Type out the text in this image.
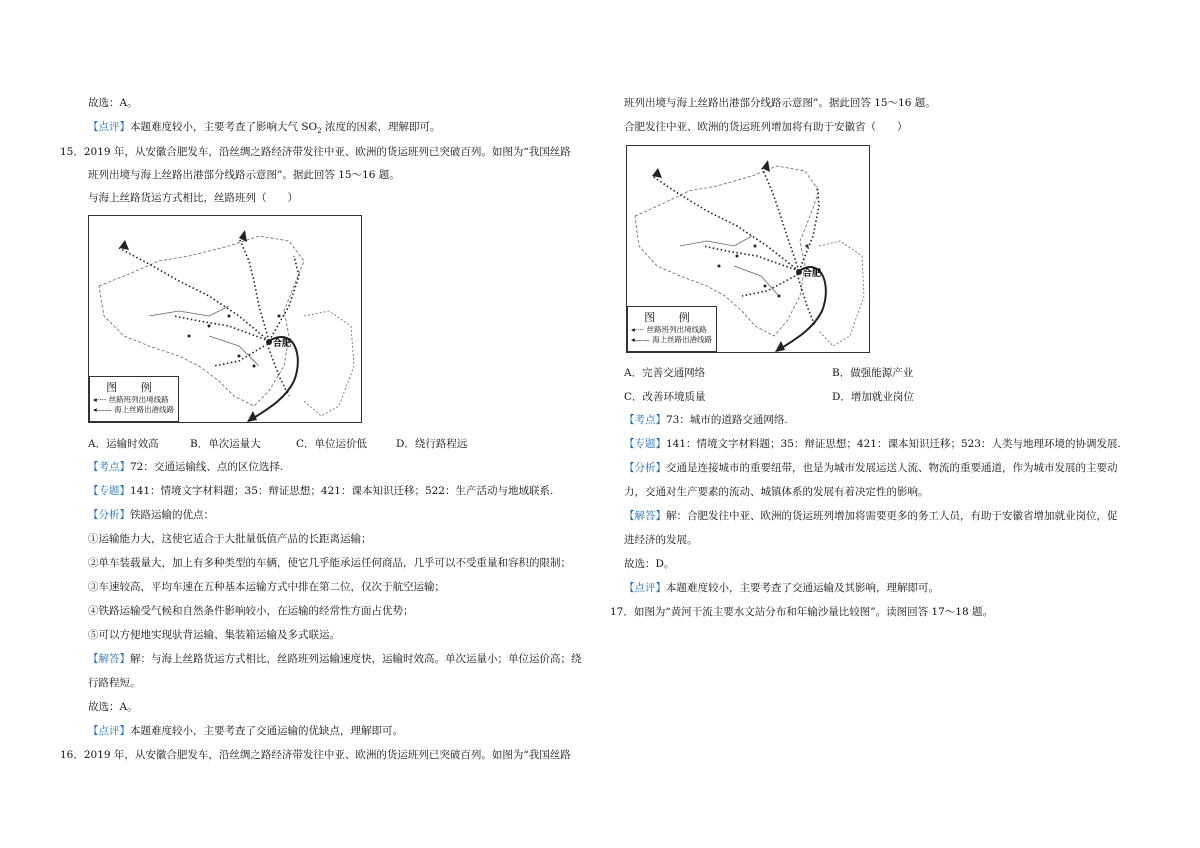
故选：A。
【点评】本题难度较小，主要考查了影响大气 $SO_2$ 浓度的因素，理解即可。
15．2019 年，从安徽合肥发车，沿丝绸之路经济带发往中亚、欧洲的货运班列已突破百列。如图为“我国丝路
班列出境与海上丝路出港部分线路示意图”。据此回答 15～16 题。
与海上丝路货运方式相比，丝路班列（　　）
合肥
图 例
◂···· 丝路班列出境线路
◂—— 海上丝路出港线路
A．运输时效高	B．单次运量大	C．单位运价低	D．绕行路程远
【考点】72：交通运输线、点的区位选择.
【专题】141：情境文字材料题；35：辩证思想；421：课本知识迁移；522：生产活动与地域联系.
【分析】铁路运输的优点：
①运输能力大，这使它适合于大批量低值产品的长距离运输；
②单车装载量大，加上有多种类型的车辆，使它几乎能承运任何商品，几乎可以不受重量和容积的限制；
③车速较高，平均车速在五种基本运输方式中排在第二位，仅次于航空运输；
④铁路运输受气候和自然条件影响较小，在运输的经常性方面占优势；
⑤可以方便地实现驮背运输、集装箱运输及多式联运。
【解答】解：与海上丝路货运方式相比，丝路班列运输速度快，运输时效高。单次运量小；单位运价高；绕
行路程短。
故选：A。
【点评】本题难度较小，主要考查了交通运输的优缺点，理解即可。
16．2019 年，从安徽合肥发车，沿丝绸之路经济带发往中亚、欧洲的货运班列已突破百列。如图为“我国丝路
班列出境与海上丝路出港部分线路示意图”。据此回答 15～16 题。
合肥发往中亚、欧洲的货运班列增加将有助于安徽省（　　）
合肥
图 例
◂···· 丝路班列出境线路
◂—— 海上丝路出港线路
A．完善交通网络	B．做强能源产业
C．改善环境质量	D．增加就业岗位
【考点】73：城市的道路交通网络.
【专题】141：情境文字材料题；35：辩证思想；421：课本知识迁移；523：人类与地理环境的协调发展.
【分析】交通是连接城市的重要纽带，也是为城市发展运送人流、物流的重要通道，作为城市发展的主要动
力，交通对生产要素的流动、城镇体系的发展有着决定性的影响。
【解答】解：合肥发往中亚、欧洲的货运班列增加将需要更多的务工人员，有助于安徽省增加就业岗位，促
进经济的发展。
故选：D。
【点评】本题难度较小，主要考查了交通运输及其影响，理解即可。
17．如图为“黄河干流主要水文站分布和年输沙量比较图”。读图回答 17～18 题。
